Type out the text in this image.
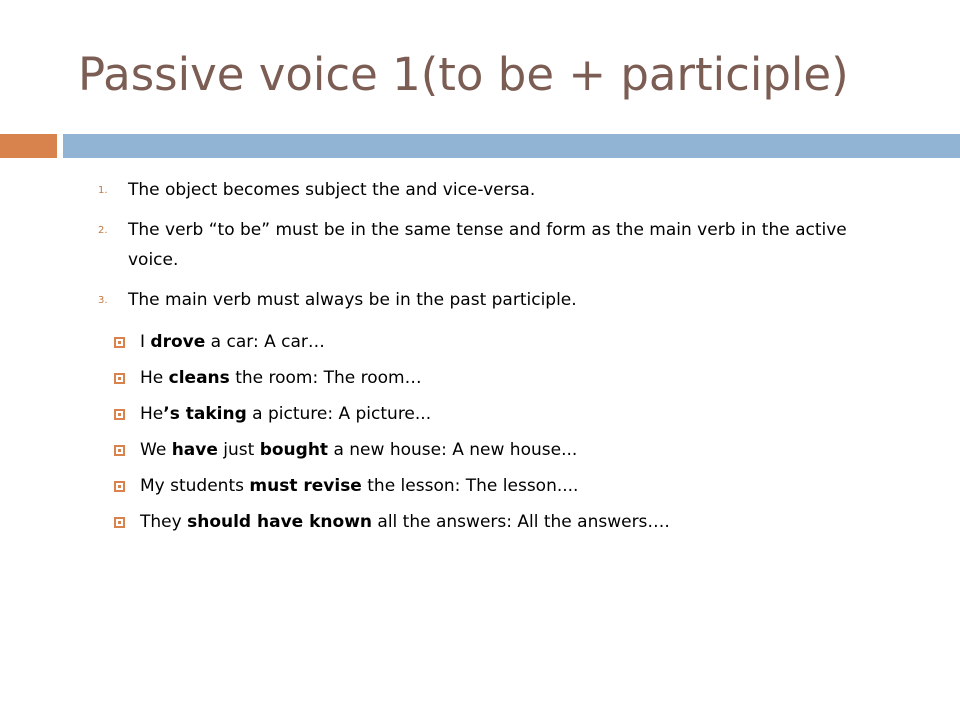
Passive voice 1(to be + participle)
1. The object becomes subject the and vice-versa.
2. The verb “to be” must be in the same tense and form as the main verb in the active voice.
3. The main verb must always be in the past participle.
I drove a car: A car…
He cleans the room: The room…
He’s taking a picture: A picture...
We have just bought a new house: A new house...
My students must revise the lesson: The lesson....
They should have known all the answers: All the answers….
